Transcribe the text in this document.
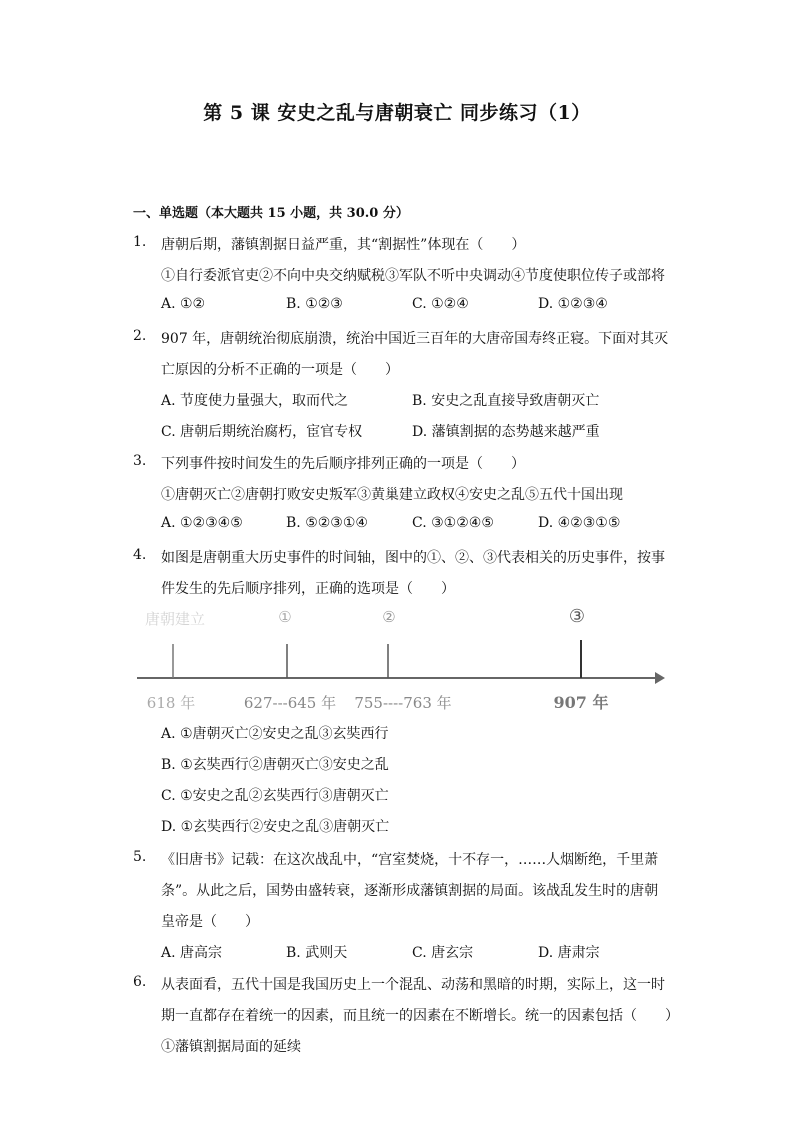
第 5 课 安史之乱与唐朝衰亡 同步练习（1）
一、单选题（本大题共 15 小题，共 30.0 分）
1. 唐朝后期，藩镇割据日益严重，其“割据性”体现在（　　）
①自行委派官吏②不向中央交纳赋税③军队不听中央调动④节度使职位传子或部将
A. ①②	B. ①②③	C. ①②④	D. ①②③④
2. 907 年，唐朝统治彻底崩溃，统治中国近三百年的大唐帝国寿终正寝。下面对其灭
亡原因的分析不正确的一项是（　　）
A. 节度使力量强大，取而代之	B. 安史之乱直接导致唐朝灭亡
C. 唐朝后期统治腐朽，宦官专权	D. 藩镇割据的态势越来越严重
3. 下列事件按时间发生的先后顺序排列正确的一项是（　　）
①唐朝灭亡②唐朝打败安史叛军③黄巢建立政权④安史之乱⑤五代十国出现
A. ①②③④⑤	B. ⑤②③①④	C. ③①②④⑤	D. ④②③①⑤
4. 如图是唐朝重大历史事件的时间轴，图中的①、②、③代表相关的历史事件，按事
件发生的先后顺序排列，正确的选项是（　　）
唐朝建立	①	②	③
618 年	627---645 年 755----763 年	907 年
A. ①唐朝灭亡②安史之乱③玄奘西行
B. ①玄奘西行②唐朝灭亡③安史之乱
C. ①安史之乱②玄奘西行③唐朝灭亡
D. ①玄奘西行②安史之乱③唐朝灭亡
5. 《旧唐书》记载：在这次战乱中，“宫室焚烧，十不存一，……人烟断绝，千里萧
条”。从此之后，国势由盛转衰，逐渐形成藩镇割据的局面。该战乱发生时的唐朝
皇帝是（　　）
A. 唐高宗	B. 武则天	C. 唐玄宗	D. 唐肃宗
6. 从表面看，五代十国是我国历史上一个混乱、动荡和黑暗的时期，实际上，这一时
期一直都存在着统一的因素，而且统一的因素在不断增长。统一的因素包括（　　）
①藩镇割据局面的延续
